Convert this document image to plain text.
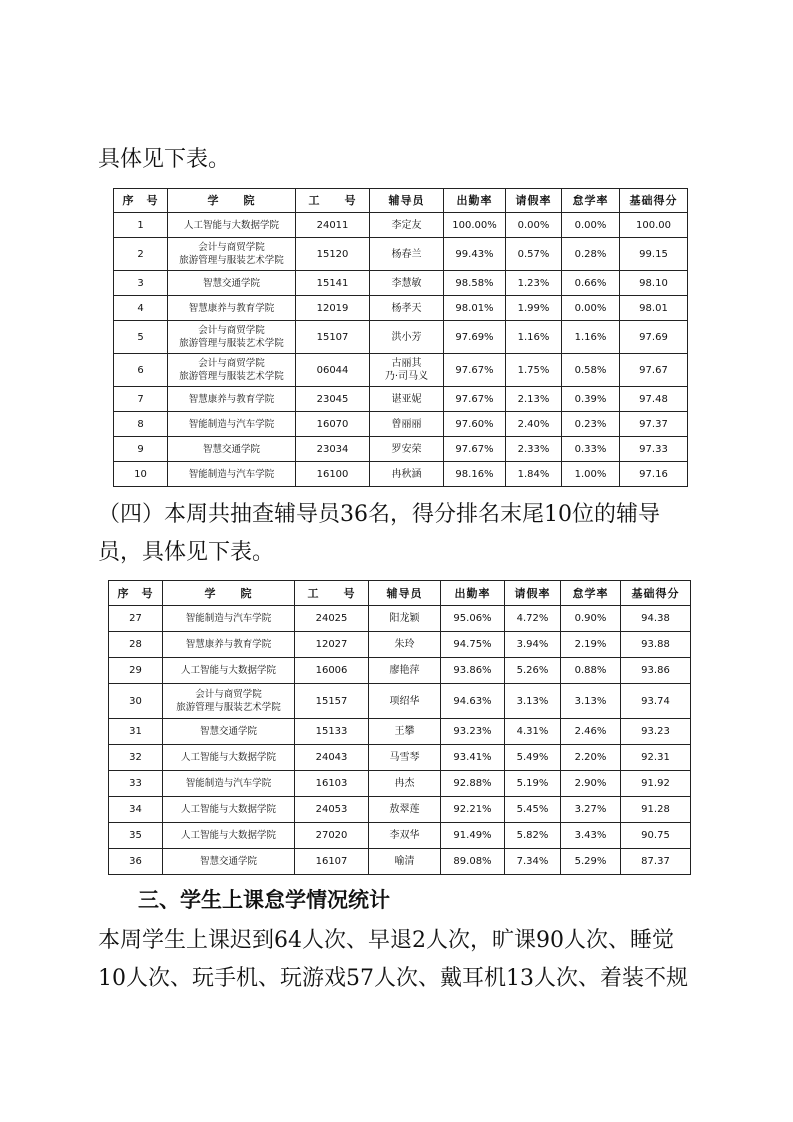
具体见下表。

序　号	学　　院	工　　号	辅导员	出勤率	请假率	怠学率	基础得分
1	人工智能与大数据学院	24011	李定友	100.00%	0.00%	0.00%	100.00
2	会计与商贸学院
旅游管理与服装艺术学院	15120	杨春兰	99.43%	0.57%	0.28%	99.15
3	智慧交通学院	15141	李慧敏	98.58%	1.23%	0.66%	98.10
4	智慧康养与教育学院	12019	杨孝天	98.01%	1.99%	0.00%	98.01
5	会计与商贸学院
旅游管理与服装艺术学院	15107	洪小芳	97.69%	1.16%	1.16%	97.69
6	会计与商贸学院
旅游管理与服装艺术学院	06044	古丽其
乃·司马义	97.67%	1.75%	0.58%	97.67
7	智慧康养与教育学院	23045	谌亚妮	97.67%	2.13%	0.39%	97.48
8	智能制造与汽车学院	16070	曾丽丽	97.60%	2.40%	0.23%	97.37
9	智慧交通学院	23034	罗安荣	97.67%	2.33%	0.33%	97.33
10	智能制造与汽车学院	16100	冉秋涵	98.16%	1.84%	1.00%	97.16

（四）本周共抽查辅导员36名，得分排名末尾10位的辅导员，具体见下表。

序　号	学　　院	工　　号	辅导员	出勤率	请假率	怠学率	基础得分
27	智能制造与汽车学院	24025	阳龙颖	95.06%	4.72%	0.90%	94.38
28	智慧康养与教育学院	12027	朱玲	94.75%	3.94%	2.19%	93.88
29	人工智能与大数据学院	16006	廖艳萍	93.86%	5.26%	0.88%	93.86
30	会计与商贸学院
旅游管理与服装艺术学院	15157	项绍华	94.63%	3.13%	3.13%	93.74
31	智慧交通学院	15133	王攀	93.23%	4.31%	2.46%	93.23
32	人工智能与大数据学院	24043	马雪琴	93.41%	5.49%	2.20%	92.31
33	智能制造与汽车学院	16103	冉杰	92.88%	5.19%	2.90%	91.92
34	人工智能与大数据学院	24053	敖翠莲	92.21%	5.45%	3.27%	91.28
35	人工智能与大数据学院	27020	李双华	91.49%	5.82%	3.43%	90.75
36	智慧交通学院	16107	喻清	89.08%	7.34%	5.29%	87.37

三、学生上课怠学情况统计

本周学生上课迟到64人次、早退2人次，旷课90人次、睡觉10人次、玩手机、玩游戏57人次、戴耳机13人次、着装不规
